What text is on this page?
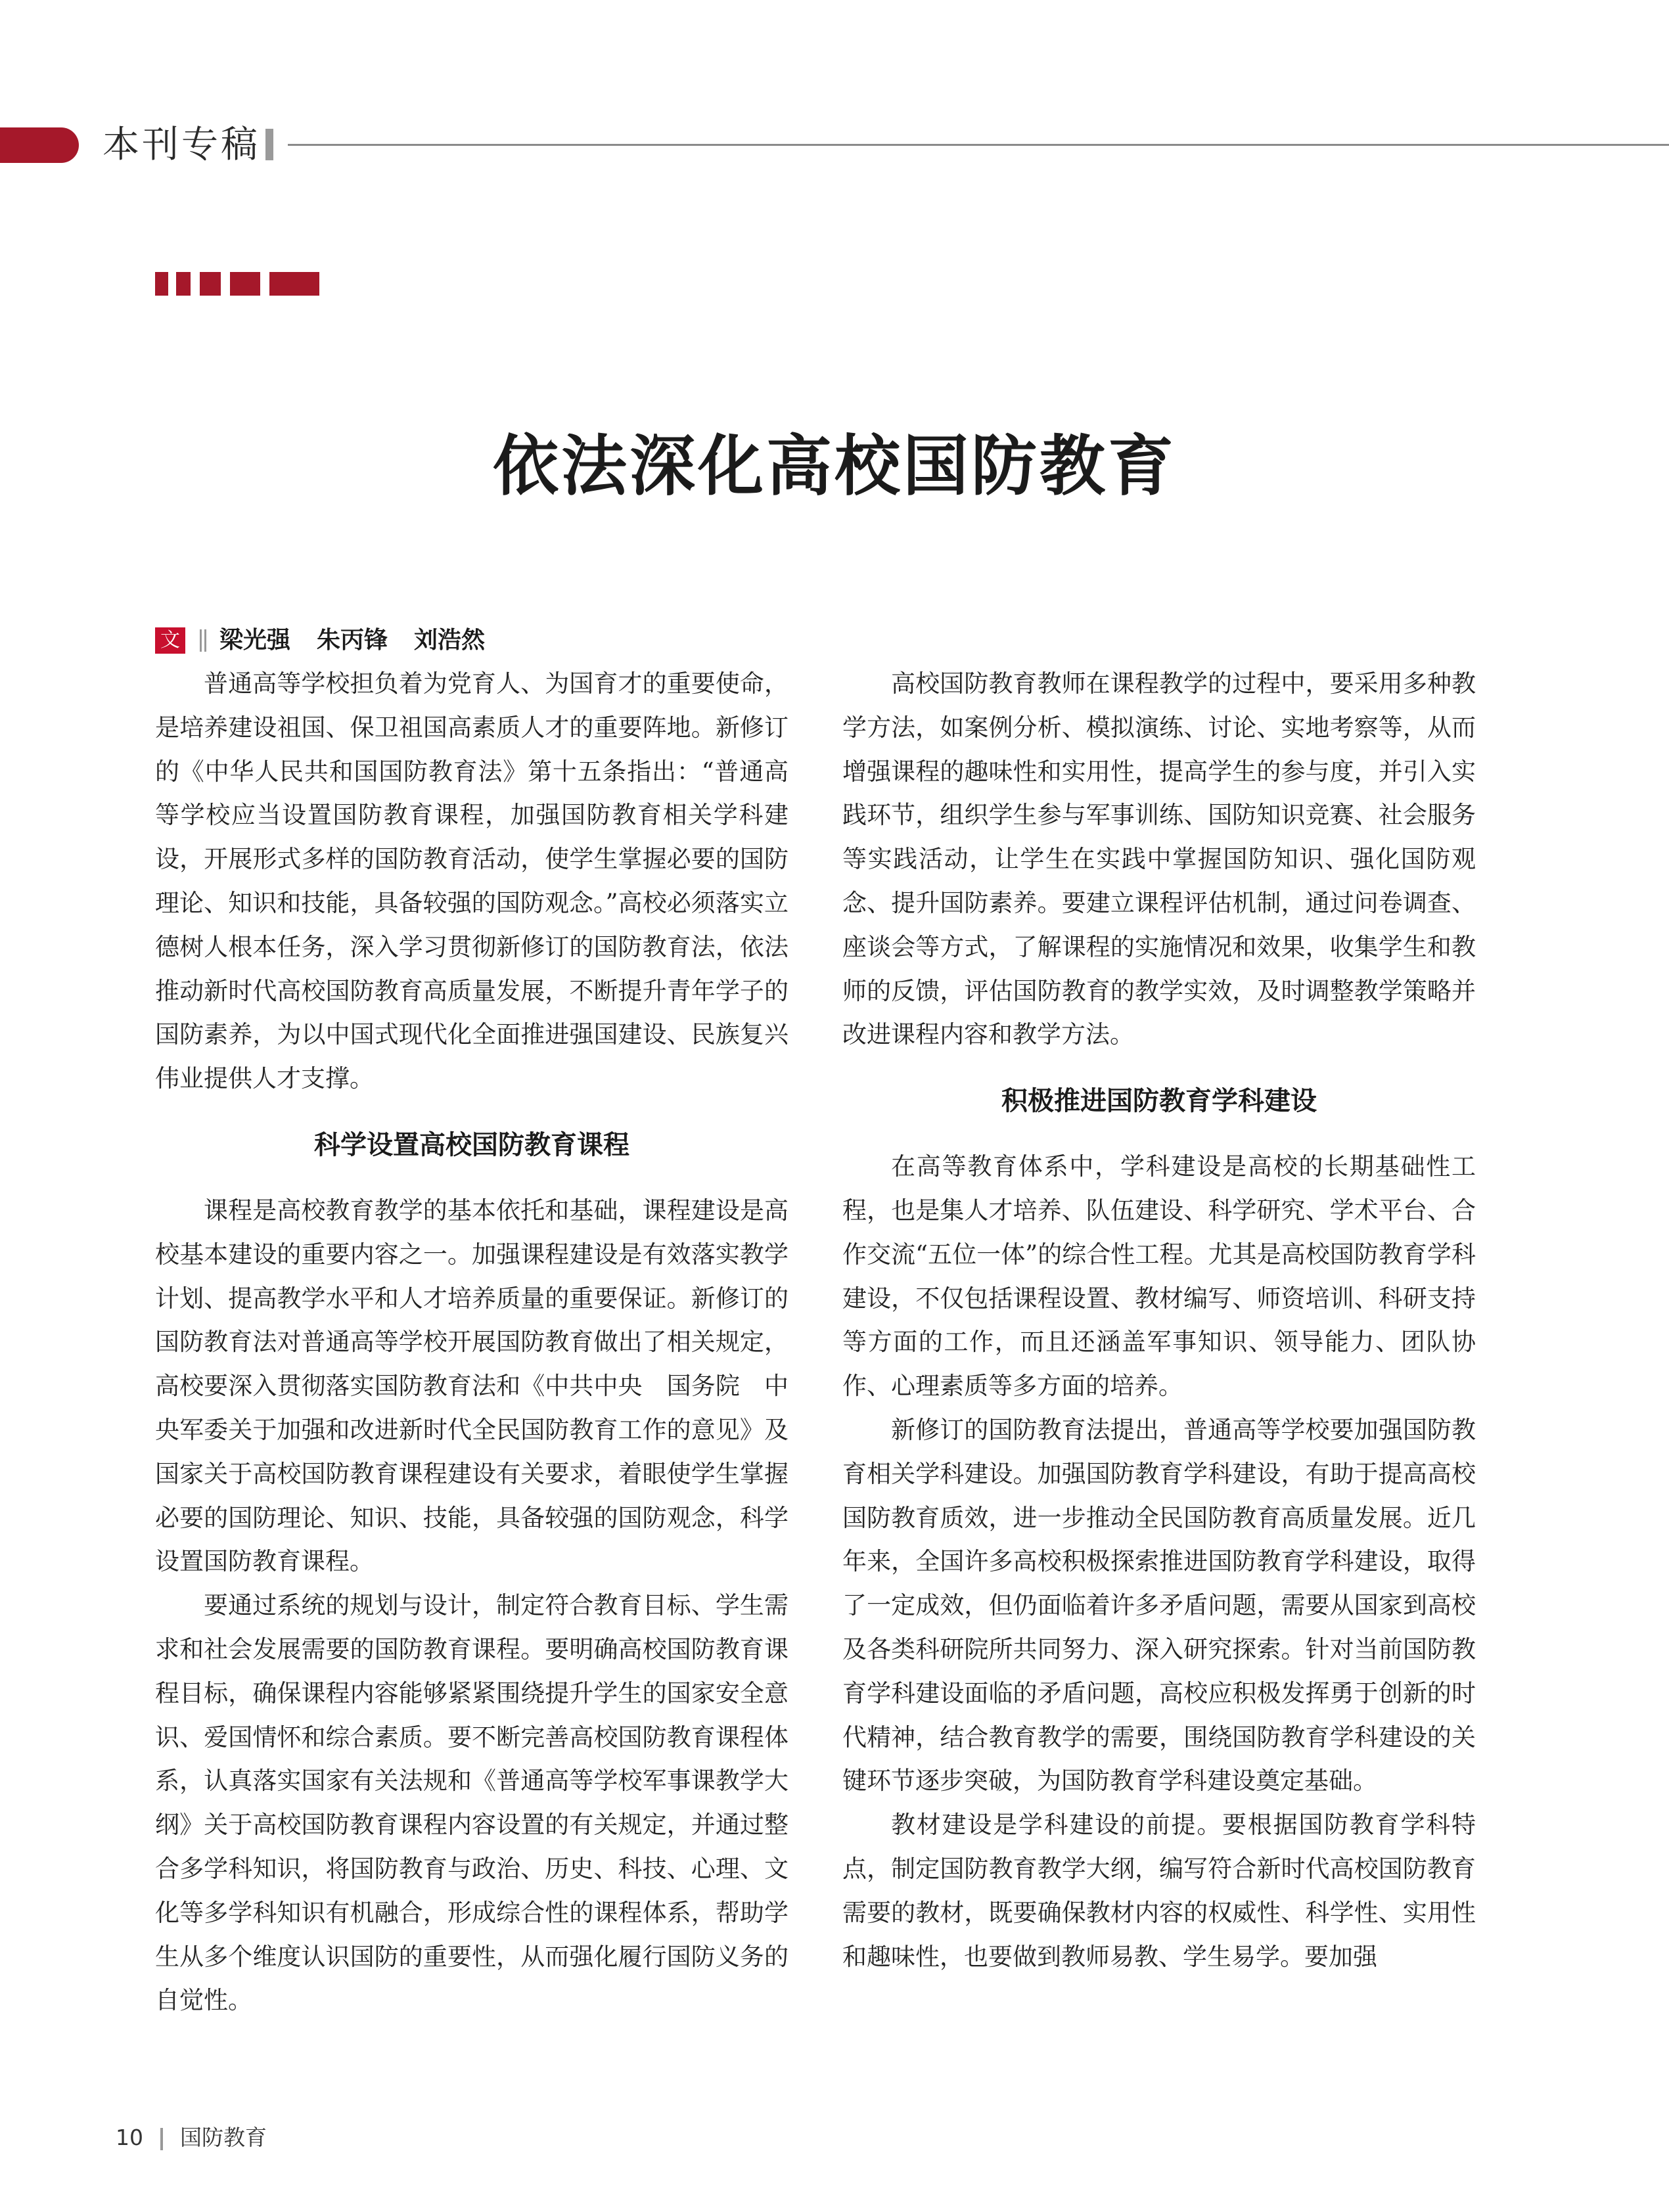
本刊专稿
依法深化高校国防教育
文 梁光强 朱丙锋 刘浩然

普通高等学校担负着为党育人、为国育才的重要使命，是培养建设祖国、保卫祖国高素质人才的重要阵地。新修订的《中华人民共和国国防教育法》第十五条指出：“普通高等学校应当设置国防教育课程，加强国防教育相关学科建设，开展形式多样的国防教育活动，使学生掌握必要的国防理论、知识和技能，具备较强的国防观念。”高校必须落实立德树人根本任务，深入学习贯彻新修订的国防教育法，依法推动新时代高校国防教育高质量发展，不断提升青年学子的国防素养，为以中国式现代化全面推进强国建设、民族复兴伟业提供人才支撑。

科学设置高校国防教育课程

课程是高校教育教学的基本依托和基础，课程建设是高校基本建设的重要内容之一。加强课程建设是有效落实教学计划、提高教学水平和人才培养质量的重要保证。新修订的国防教育法对普通高等学校开展国防教育做出了相关规定，高校要深入贯彻落实国防教育法和《中共中央　国务院　中央军委关于加强和改进新时代全民国防教育工作的意见》及国家关于高校国防教育课程建设有关要求，着眼使学生掌握必要的国防理论、知识、技能，具备较强的国防观念，科学设置国防教育课程。

要通过系统的规划与设计，制定符合教育目标、学生需求和社会发展需要的国防教育课程。要明确高校国防教育课程目标，确保课程内容能够紧紧围绕提升学生的国家安全意识、爱国情怀和综合素质。要不断完善高校国防教育课程体系，认真落实国家有关法规和《普通高等学校军事课教学大纲》关于高校国防教育课程内容设置的有关规定，并通过整合多学科知识，将国防教育与政治、历史、科技、心理、文化等多学科知识有机融合，形成综合性的课程体系，帮助学生从多个维度认识国防的重要性，从而强化履行国防义务的自觉性。

高校国防教育教师在课程教学的过程中，要采用多种教学方法，如案例分析、模拟演练、讨论、实地考察等，从而增强课程的趣味性和实用性，提高学生的参与度，并引入实践环节，组织学生参与军事训练、国防知识竞赛、社会服务等实践活动，让学生在实践中掌握国防知识、强化国防观念、提升国防素养。要建立课程评估机制，通过问卷调查、座谈会等方式，了解课程的实施情况和效果，收集学生和教师的反馈，评估国防教育的教学实效，及时调整教学策略并改进课程内容和教学方法。

积极推进国防教育学科建设

在高等教育体系中，学科建设是高校的长期基础性工程，也是集人才培养、队伍建设、科学研究、学术平台、合作交流“五位一体”的综合性工程。尤其是高校国防教育学科建设，不仅包括课程设置、教材编写、师资培训、科研支持等方面的工作，而且还涵盖军事知识、领导能力、团队协作、心理素质等多方面的培养。

新修订的国防教育法提出，普通高等学校要加强国防教育相关学科建设。加强国防教育学科建设，有助于提高高校国防教育质效，进一步推动全民国防教育高质量发展。近几年来，全国许多高校积极探索推进国防教育学科建设，取得了一定成效，但仍面临着许多矛盾问题，需要从国家到高校及各类科研院所共同努力、深入研究探索。针对当前国防教育学科建设面临的矛盾问题，高校应积极发挥勇于创新的时代精神，结合教育教学的需要，围绕国防教育学科建设的关键环节逐步突破，为国防教育学科建设奠定基础。

教材建设是学科建设的前提。要根据国防教育学科特点，制定国防教育教学大纲，编写符合新时代高校国防教育需要的教材，既要确保教材内容的权威性、科学性、实用性和趣味性，也要做到教师易教、学生易学。要加强

10 国防教育
